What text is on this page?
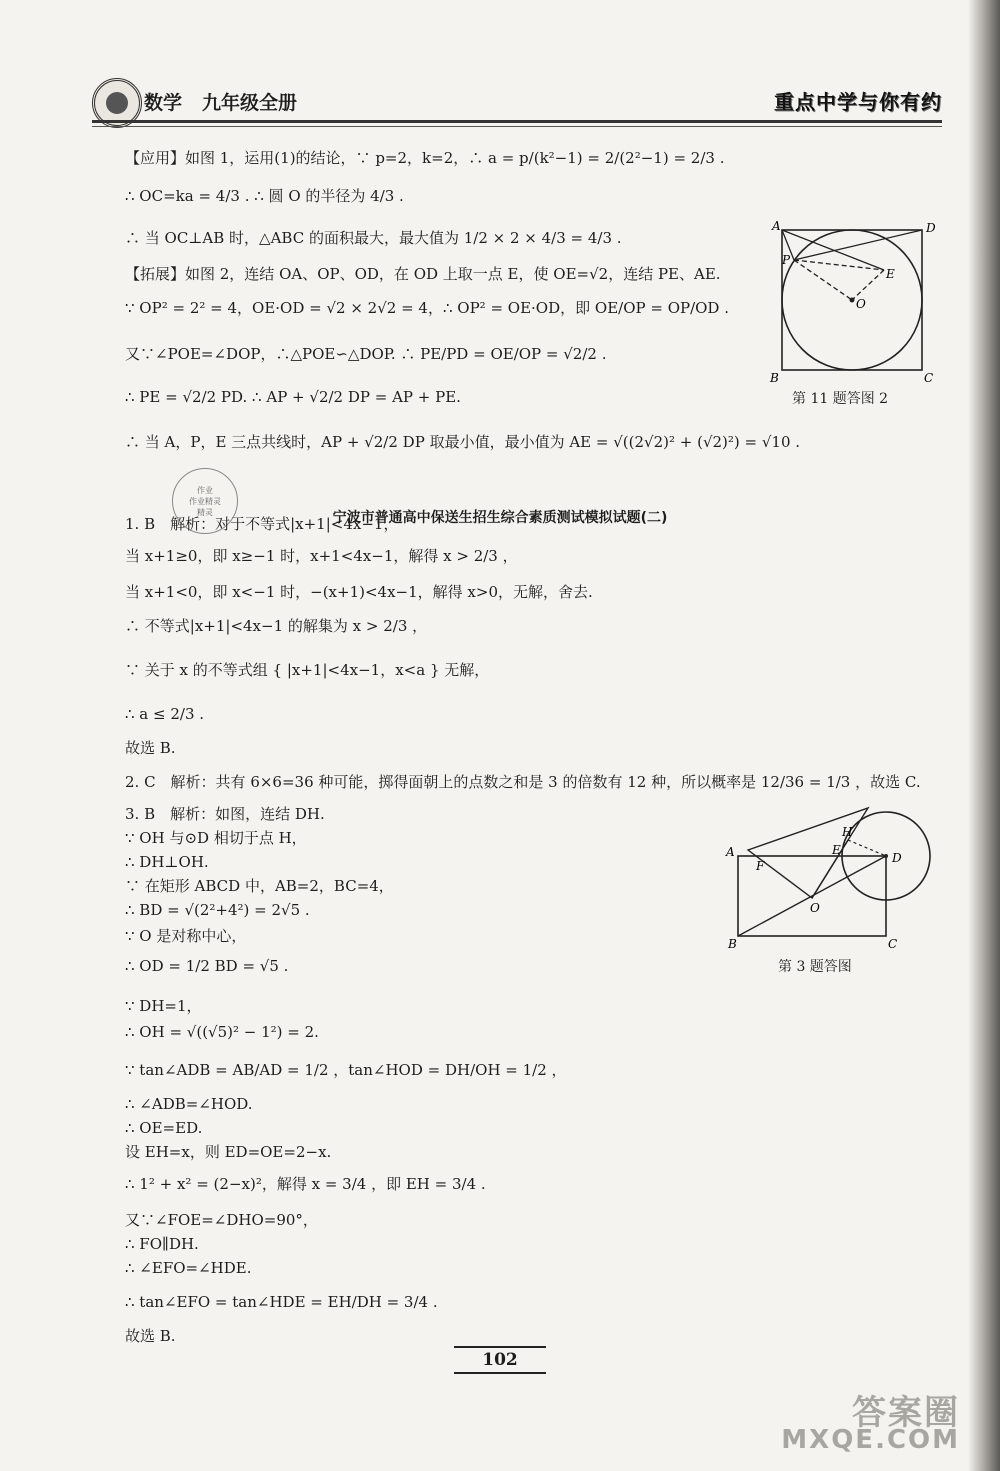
数学 九年级全册	重点中学与你有约
【应用】如图 1，运用(1)的结论，∵ p=2，k=2，∴ a = p/(k²−1) = 2/(2²−1) = 2/3 .
∴ OC=ka = 4/3 . ∴ 圆 O 的半径为 4/3 .
∴ 当 OC⊥AB 时，△ABC 的面积最大，最大值为 1/2 × 2 × 4/3 = 4/3 .
【拓展】如图 2，连结 OA、OP、OD，在 OD 上取一点 E，使 OE=√2，连结 PE、AE.
∵ OP² = 2² = 4，OE·OD = √2 × 2√2 = 4，∴ OP² = OE·OD，即 OE/OP = OP/OD .
又∵∠POE=∠DOP，∴△POE∽△DOP. ∴ PE/PD = OE/OP = √2/2 .
∴ PE = √2/2 PD. ∴ AP + √2/2 DP = AP + PE.
∴ 当 A，P，E 三点共线时，AP + √2/2 DP 取最小值，最小值为 AE = √((2√2)² + (√2)²) = √10 .
作业
作业精灵
精灵	宁波市普通高中保送生招生综合素质测试模拟试题(二)
1. B　解析：对于不等式|x+1|<4x−1，
当 x+1≥0，即 x≥−1 时，x+1<4x−1，解得 x > 2/3 ，
当 x+1<0，即 x<−1 时，−(x+1)<4x−1，解得 x>0，无解，舍去.
∴ 不等式|x+1|<4x−1 的解集为 x > 2/3 ，
∵ 关于 x 的不等式组 { |x+1|<4x−1，x<a } 无解，
∴ a ≤ 2/3 .
故选 B.
2. C　解析：共有 6×6=36 种可能，掷得面朝上的点数之和是 3 的倍数有 12 种，所以概率是 12/36 = 1/3 ，故选 C.
3. B　解析：如图，连结 DH.
∵ OH 与⊙D 相切于点 H，
∴ DH⊥OH.
∵ 在矩形 ABCD 中，AB=2，BC=4，
∴ BD = √(2²+4²) = 2√5 .
∵ O 是对称中心，
∴ OD = 1/2 BD = √5 .
∵ DH=1，
∴ OH = √((√5)² − 1²) = 2.
∵ tan∠ADB = AB/AD = 1/2 ，tan∠HOD = DH/OH = 1/2 ，
∴ ∠ADB=∠HOD.
∴ OE=ED.
设 EH=x，则 ED=OE=2−x.
∴ 1² + x² = (2−x)²，解得 x = 3/4 ，即 EH = 3/4 .
又∵∠FOE=∠DHO=90°，
∴ FO∥DH.
∴ ∠EFO=∠HDE.
∴ tan∠EFO = tan∠HDE = EH/DH = 3/4 .
故选 B.
A	D
B	C
P
E
O
第 11 题答图 2
A
F
E
H
D
O
B	C
第 3 题答图
102
答案圈
MXQE.COM
